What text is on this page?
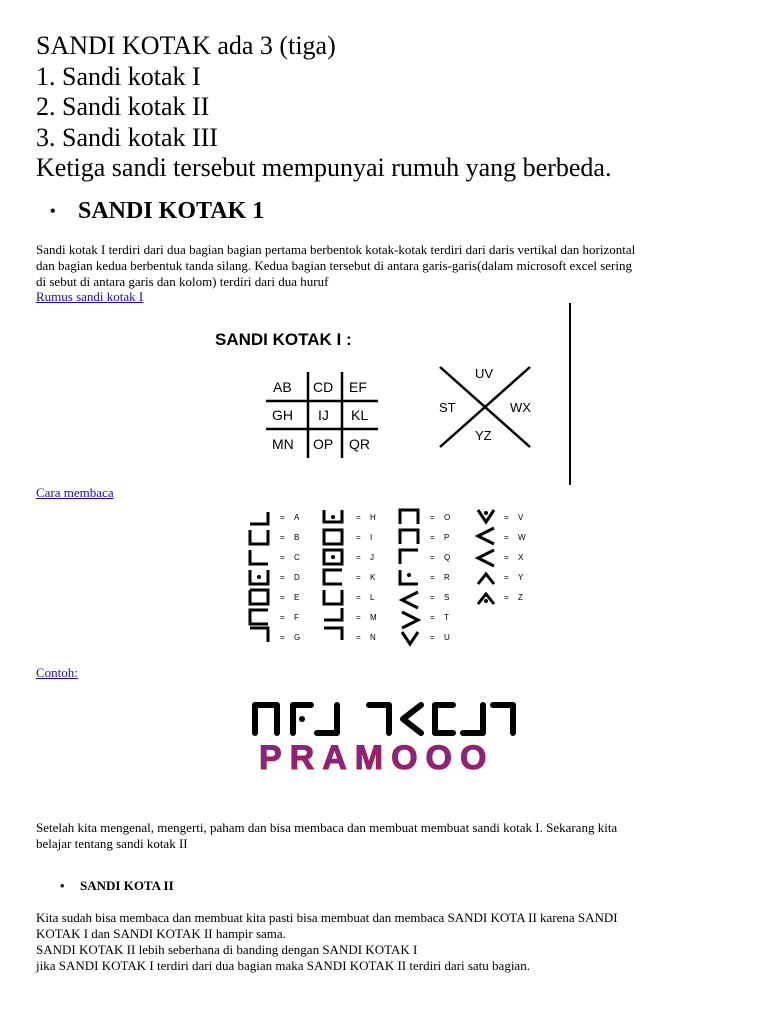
SANDI KOTAK ada 3 (tiga)
1. Sandi kotak I
2. Sandi kotak II
3. Sandi kotak III
Ketiga sandi tersebut mempunyai rumuh yang berbeda.
• SANDI KOTAK 1
Sandi kotak I terdiri dari dua bagian bagian pertama berbentok kotak-kotak terdiri dari daris vertikal dan horizontal
dan bagian kedua berbentuk tanda silang. Kedua bagian tersebut di antara garis-garis(dalam microsoft excel sering
di sebut di antara garis dan kolom) terdiri dari dua huruf
Rumus sandi kotak I
SANDI KOTAK I :
AB CD EF
GH IJ KL
MN OP QR
UV
ST	WX
YZ
Cara membaca
= A
= B
= C
= D
= E
= F
= G
= H
= I
= J
= K
= L
= M
= N
= O
= P
= Q
= R
= S
= T
= U
= V
= W
= X
= Y
= Z
Contoh:
PRAMOOO
Setelah kita mengenal, mengerti, paham dan bisa membaca dan membuat membuat sandi kotak I. Sekarang kita
belajar tentang sandi kotak II
• SANDI KOTA II
Kita sudah bisa membaca dan membuat kita pasti bisa membuat dan membaca SANDI KOTA II karena SANDI
KOTAK I dan SANDI KOTAK II hampir sama.
SANDI KOTAK II lebih seberhana di banding dengan SANDI KOTAK I
jika SANDI KOTAK I terdiri dari dua bagian maka SANDI KOTAK II terdiri dari satu bagian.
